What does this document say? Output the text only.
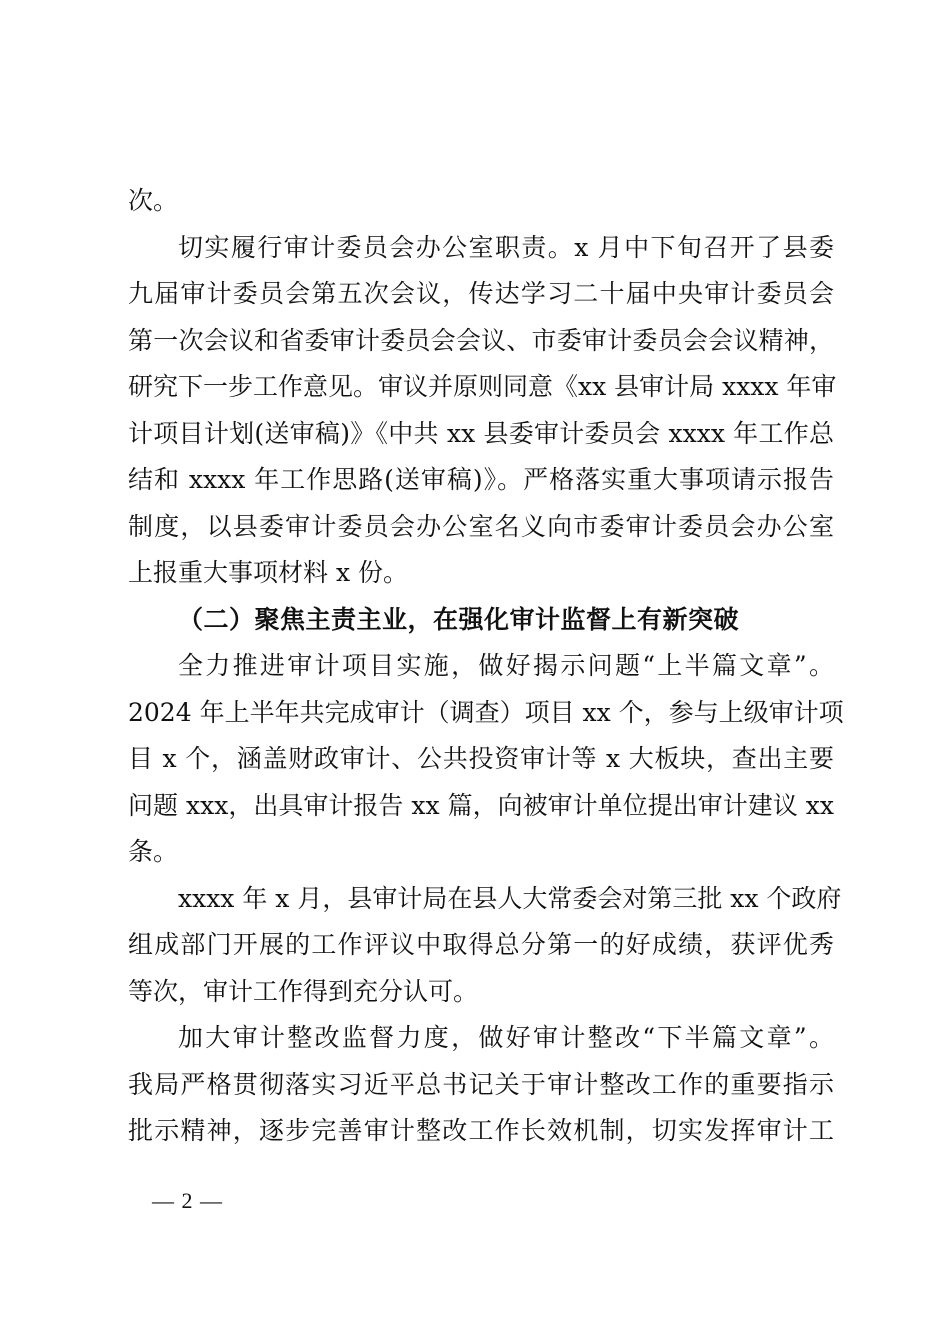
次。
切实履行审计委员会办公室职责。x 月中下旬召开了县委
九届审计委员会第五次会议，传达学习二十届中央审计委员会
第一次会议和省委审计委员会会议、市委审计委员会会议精神，
研究下一步工作意见。审议并原则同意《xx 县审计局 xxxx 年审
计项目计划(送审稿)》《中共 xx 县委审计委员会 xxxx 年工作总
结和 xxxx 年工作思路(送审稿)》。严格落实重大事项请示报告
制度，以县委审计委员会办公室名义向市委审计委员会办公室
上报重大事项材料 x 份。
（二）聚焦主责主业，在强化审计监督上有新突破
全力推进审计项目实施，做好揭示问题“上半篇文章”。
2024 年上半年共完成审计（调查）项目 xx 个，参与上级审计项
目 x 个，涵盖财政审计、公共投资审计等 x 大板块，查出主要
问题 xxx，出具审计报告 xx 篇，向被审计单位提出审计建议 xx
条。
xxxx 年 x 月，县审计局在县人大常委会对第三批 xx 个政府
组成部门开展的工作评议中取得总分第一的好成绩，获评优秀
等次，审计工作得到充分认可。
加大审计整改监督力度，做好审计整改“下半篇文章”。
我局严格贯彻落实习近平总书记关于审计整改工作的重要指示
批示精神，逐步完善审计整改工作长效机制，切实发挥审计工
— 2 —
